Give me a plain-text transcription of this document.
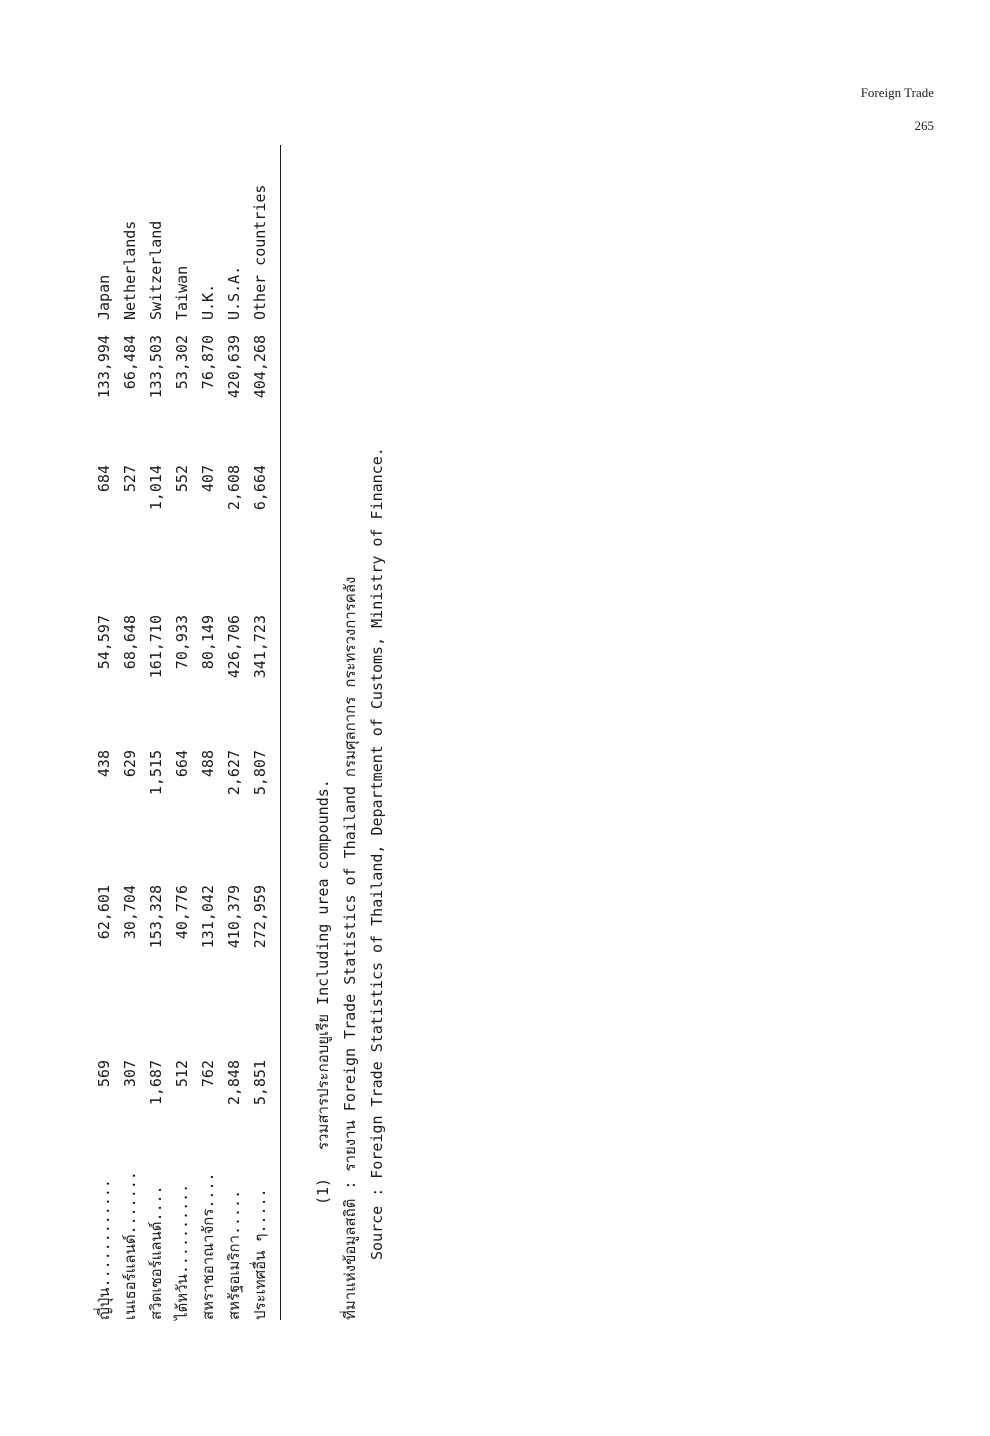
Foreign Trade
265
ญี่ปุ่น............
569
62,601
438
54,597
684
133,994
Japan
เนเธอร์แลนด์.......
307
30,704
629
68,648
527
66,484
Netherlands
สวิตเซอร์แลนด์....
1,687
153,328
1,515
161,710
1,014
133,503
Switzerland
ไต้หวัน..........
512
40,776
664
70,933
552
53,302
Taiwan
สหราชอาณาจักร....
762
131,042
488
80,149
407
76,870
U.K.
สหรัฐอเมริกา.....
2,848
410,379
2,627
426,706
2,608
420,639
U.S.A.
ประเทศอื่น ๆ.....
5,851
272,959
5,807
341,723
6,664
404,268
Other countries
(1)
รวมสารประกอบยูเรีย Including urea compounds. ที่มาแห่งข้อมูลสถิติ : รายงาน Foreign Trade Statistics of Thailand กรมศุลกากร กระทรวงการคลัง Source : Foreign Trade Statistics of Thailand, Department of Customs, Ministry of Finance.
